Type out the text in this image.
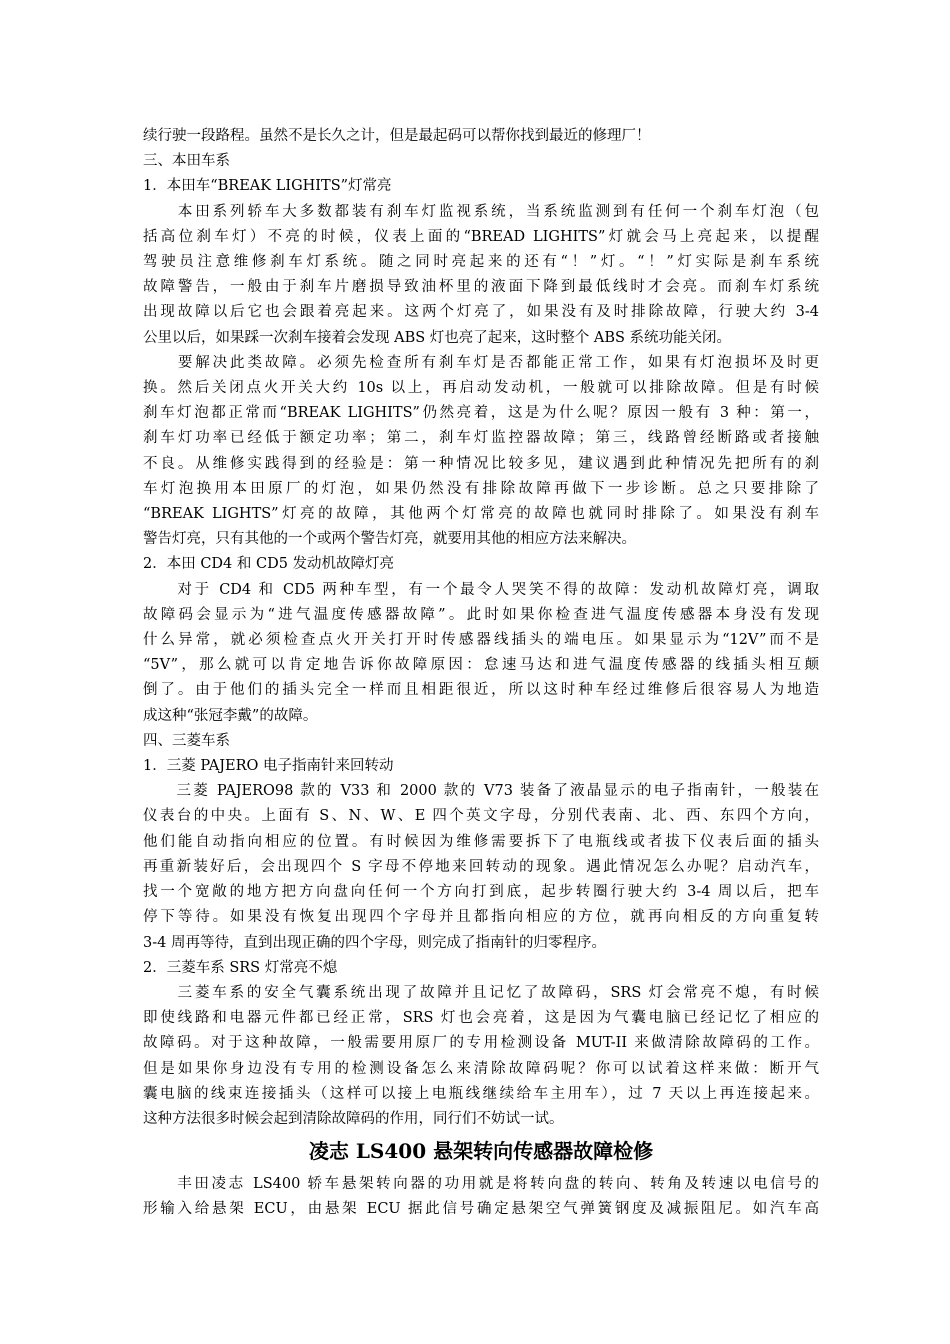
续行驶一段路程。虽然不是长久之计，但是最起码可以帮你找到最近的修理厂！
三、本田车系
1．本田车“BREAK LIGHITS”灯常亮
　　本田系列轿车大多数都装有刹车灯监视系统，当系统监测到有任何一个刹车灯泡（包
括高位刹车灯）不亮的时候，仪表上面的“BREAD LIGHITS”灯就会马上亮起来，以提醒
驾驶员注意维修刹车灯系统。随之同时亮起来的还有“！”灯。“！”灯实际是刹车系统
故障警告，一般由于刹车片磨损导致油杯里的液面下降到最低线时才会亮。而刹车灯系统
出现故障以后它也会跟着亮起来。这两个灯亮了，如果没有及时排除故障，行驶大约 3-4
公里以后，如果踩一次刹车接着会发现 ABS 灯也亮了起来，这时整个 ABS 系统功能关闭。
　　要解决此类故障。必须先检查所有刹车灯是否都能正常工作，如果有灯泡损坏及时更
换。然后关闭点火开关大约 10s 以上，再启动发动机，一般就可以排除故障。但是有时候
刹车灯泡都正常而“BREAK LIGHITS”仍然亮着，这是为什么呢？原因一般有 3 种：第一，
刹车灯功率已经低于额定功率；第二，刹车灯监控器故障；第三，线路曾经断路或者接触
不良。从维修实践得到的经验是：第一种情况比较多见，建议遇到此种情况先把所有的刹
车灯泡换用本田原厂的灯泡，如果仍然没有排除故障再做下一步诊断。总之只要排除了
“BREAK LIGHTS”灯亮的故障，其他两个灯常亮的故障也就同时排除了。如果没有刹车
警告灯亮，只有其他的一个或两个警告灯亮，就要用其他的相应方法来解决。
2．本田 CD4 和 CD5 发动机故障灯亮
　　对于 CD4 和 CD5 两种车型，有一个最令人哭笑不得的故障：发动机故障灯亮，调取
故障码会显示为“进气温度传感器故障”。此时如果你检查进气温度传感器本身没有发现
什么异常，就必须检查点火开关打开时传感器线插头的端电压。如果显示为“12V”而不是
“5V”，那么就可以肯定地告诉你故障原因：怠速马达和进气温度传感器的线插头相互颠
倒了。由于他们的插头完全一样而且相距很近，所以这时种车经过维修后很容易人为地造
成这种“张冠李戴”的故障。
四、三菱车系
1．三菱 PAJERO 电子指南针来回转动
　　三菱 PAJERO98 款的 V33 和 2000 款的 V73 装备了液晶显示的电子指南针，一般装在
仪表台的中央。上面有 S、N、W、E 四个英文字母，分别代表南、北、西、东四个方向，
他们能自动指向相应的位置。有时候因为维修需要拆下了电瓶线或者拔下仪表后面的插头
再重新装好后，会出现四个 S 字母不停地来回转动的现象。遇此情况怎么办呢？启动汽车，
找一个宽敞的地方把方向盘向任何一个方向打到底，起步转圈行驶大约 3-4 周以后，把车
停下等待。如果没有恢复出现四个字母并且都指向相应的方位，就再向相反的方向重复转
3-4 周再等待，直到出现正确的四个字母，则完成了指南针的归零程序。
2．三菱车系 SRS 灯常亮不熄
　　三菱车系的安全气囊系统出现了故障并且记忆了故障码，SRS 灯会常亮不熄，有时候
即使线路和电器元件都已经正常，SRS 灯也会亮着，这是因为气囊电脑已经记忆了相应的
故障码。对于这种故障，一般需要用原厂的专用检测设备 MUT-II 来做清除故障码的工作。
但是如果你身边没有专用的检测设备怎么来清除故障码呢？你可以试着这样来做：断开气
囊电脑的线束连接插头（这样可以接上电瓶线继续给车主用车），过 7 天以上再连接起来。
这种方法很多时候会起到清除故障码的作用，同行们不妨试一试。
凌志 LS400 悬架转向传感器故障检修
　　丰田凌志 LS400 轿车悬架转向器的功用就是将转向盘的转向、转角及转速以电信号的
形输入给悬架 ECU，由悬架 ECU 据此信号确定悬架空气弹簧钢度及减振阻尼。如汽车高
